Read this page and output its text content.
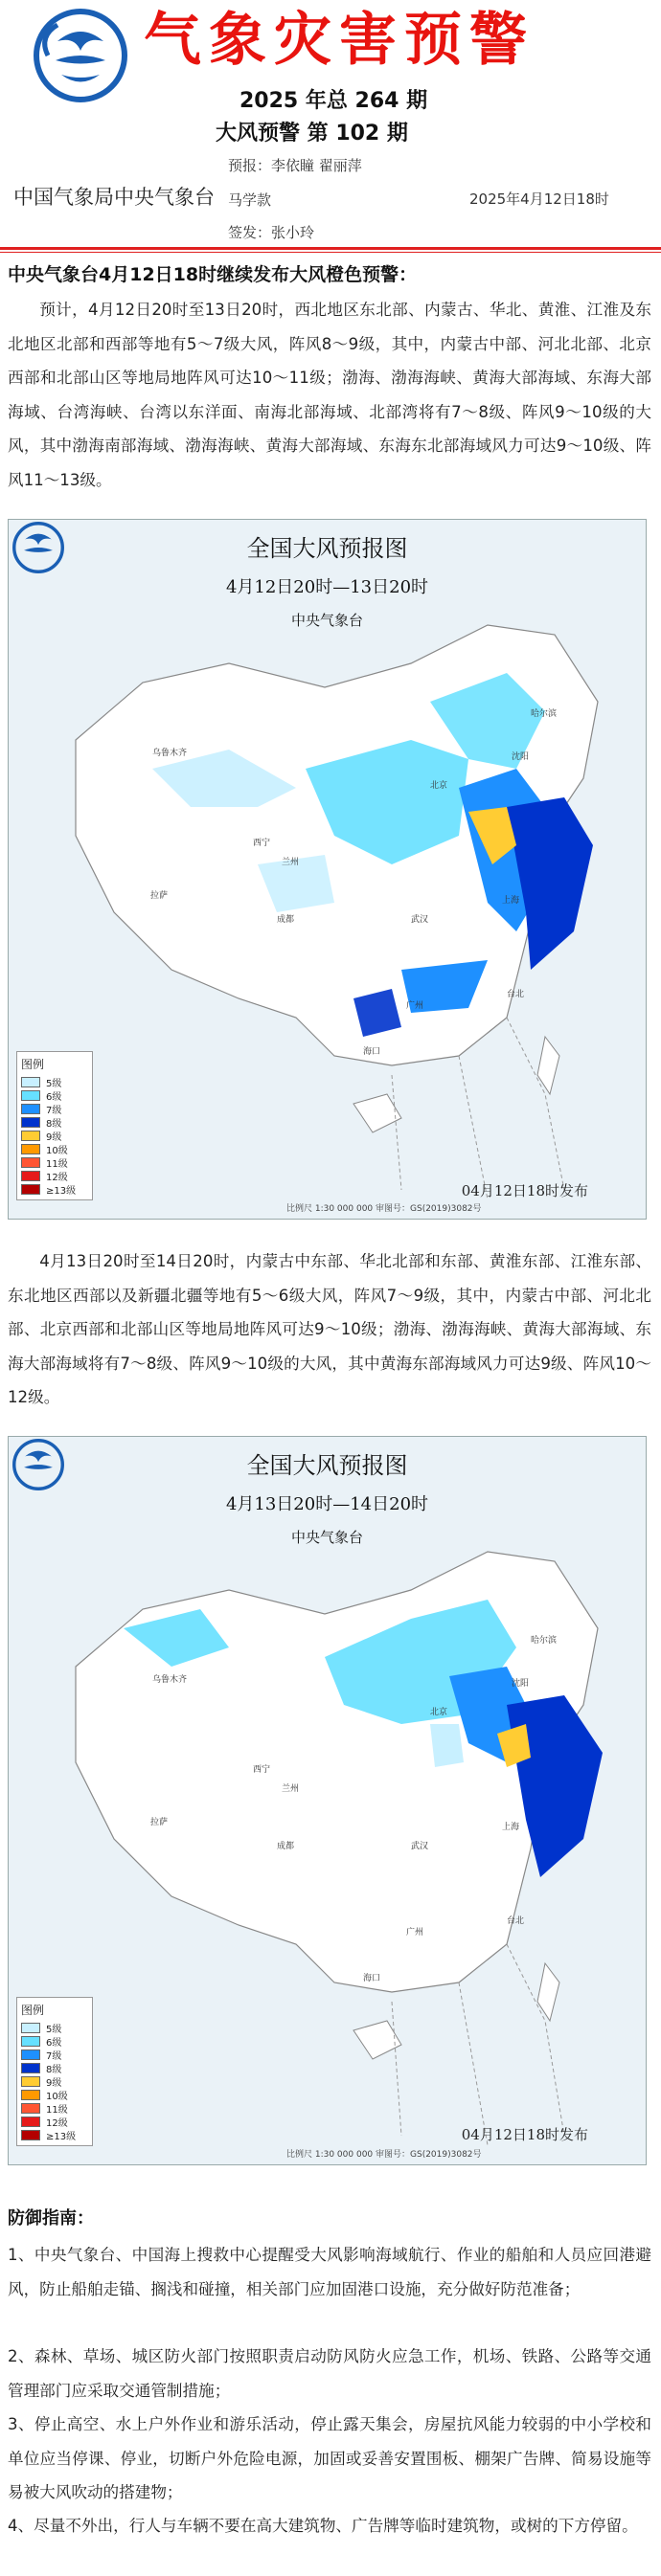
气象灾害预警
2025 年总 264 期
大风预警 第 102 期
中国气象局中央气象台
预报：李依瞳 翟丽萍
马学款
签发：张小玲
2025年4月12日18时
中央气象台4月12日18时继续发布大风橙色预警：

预计，4月12日20时至13日20时，西北地区东北部、内蒙古、华北、黄淮、江淮及东北地区北部和西部等地有5～7级大风，阵风8～9级，其中，内蒙古中部、河北北部、北京西部和北部山区等地局地阵风可达10～11级；渤海、渤海海峡、黄海大部海域、东海大部海域、台湾海峡、台湾以东洋面、南海北部海域、北部湾将有7～8级、阵风9～10级的大风，其中渤海南部海域、渤海海峡、黄海大部海域、东海东北部海域风力可达9～10级、阵风11～13级。

全国大风预报图
4月12日20时—13日20时
中央气象台
乌鲁木齐
拉萨
西宁
兰州
成都
北京
上海
武汉
广州
台北
海口
哈尔滨
沈阳
图例
5级
6级
7级
8级
9级
10级
11级
12级
≥13级	04月12日18时发布
比例尺 1:30 000 000 审图号：GS(2019)3082号

4月13日20时至14日20时，内蒙古中东部、华北北部和东部、黄淮东部、江淮东部、东北地区西部以及新疆北疆等地有5～6级大风，阵风7～9级，其中，内蒙古中部、河北北部、北京西部和北部山区等地局地阵风可达9～10级；渤海、渤海海峡、黄海大部海域、东海大部海域将有7～8级、阵风9～10级的大风，其中黄海东部海域风力可达9级、阵风10～12级。

全国大风预报图
4月13日20时—14日20时
中央气象台
乌鲁木齐
拉萨
西宁
兰州
成都
北京
上海
武汉
广州
台北
海口
哈尔滨
沈阳
图例
5级
6级
7级
8级
9级
10级
11级
12级
≥13级	04月12日18时发布
比例尺 1:30 000 000 审图号：GS(2019)3082号
防御指南：

1、中央气象台、中国海上搜救中心提醒受大风影响海域航行、作业的船舶和人员应回港避风，防止船舶走锚、搁浅和碰撞，相关部门应加固港口设施，充分做好防范准备；

2、森林、草场、城区防火部门按照职责启动防风防火应急工作，机场、铁路、公路等交通管理部门应采取交通管制措施；

3、停止高空、水上户外作业和游乐活动，停止露天集会，房屋抗风能力较弱的中小学校和单位应当停课、停业，切断户外危险电源，加固或妥善安置围板、棚架广告牌、简易设施等易被大风吹动的搭建物；

4、尽量不外出，行人与车辆不要在高大建筑物、广告牌等临时建筑物，或树的下方停留。
